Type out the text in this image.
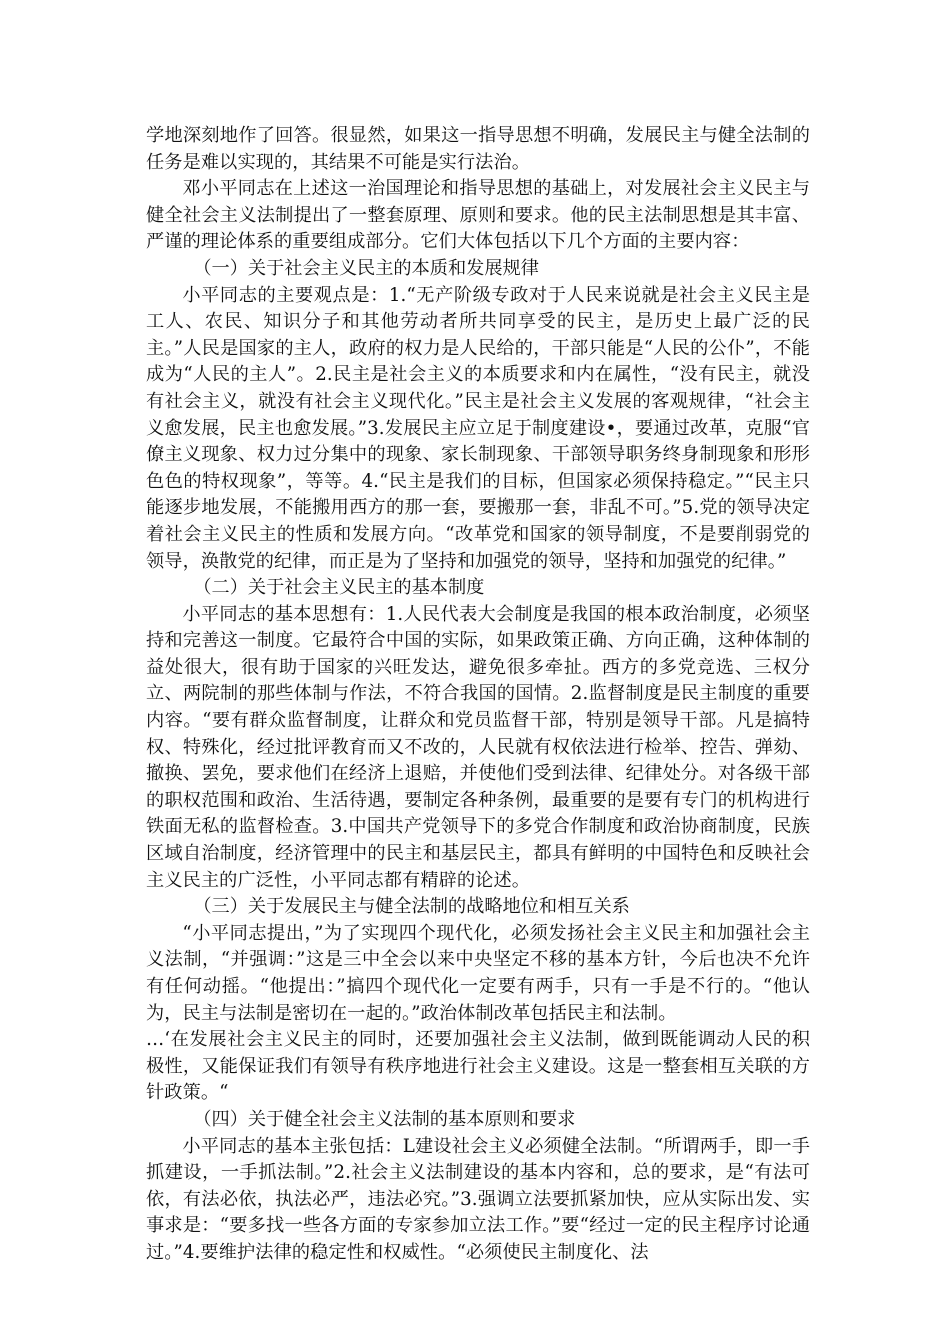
学地深刻地作了回答。很显然，如果这一指导思想不明确，发展民主与健全法制的任务是难以实现的，其结果不可能是实行法治。

邓小平同志在上述这一治国理论和指导思想的基础上，对发展社会主义民主与健全社会主义法制提出了一整套原理、原则和要求。他的民主法制思想是其丰富、严谨的理论体系的重要组成部分。它们大体包括以下几个方面的主要内容：

（一）关于社会主义民主的本质和发展规律

小平同志的主要观点是：1.“无产阶级专政对于人民来说就是社会主义民主是工人、农民、知识分子和其他劳动者所共同享受的民主，是历史上最广泛的民主。”人民是国家的主人，政府的权力是人民给的，干部只能是“人民的公仆”，不能成为“人民的主人”。2.民主是社会主义的本质要求和内在属性，“没有民主，就没有社会主义，就没有社会主义现代化。”民主是社会主义发展的客观规律，“社会主义愈发展，民主也愈发展。”3.发展民主应立足于制度建设•，要通过改革，克服“官僚主义现象、权力过分集中的现象、家长制现象、干部领导职务终身制现象和形形色色的特权现象”，等等。4.“民主是我们的目标，但国家必须保持稳定。”“民主只能逐步地发展，不能搬用西方的那一套，要搬那一套，非乱不可。”5.党的领导决定着社会主义民主的性质和发展方向。“改革党和国家的领导制度，不是要削弱党的领导，涣散党的纪律，而正是为了坚持和加强党的领导，坚持和加强党的纪律。”

（二）关于社会主义民主的基本制度

小平同志的基本思想有：1.人民代表大会制度是我国的根本政治制度，必须坚持和完善这一制度。它最符合中国的实际，如果政策正确、方向正确，这种体制的益处很大，很有助于国家的兴旺发达，避免很多牵扯。西方的多党竞选、三权分立、两院制的那些体制与作法，不符合我国的国情。2.监督制度是民主制度的重要内容。“要有群众监督制度，让群众和党员监督干部，特别是领导干部。凡是搞特权、特殊化，经过批评教育而又不改的，人民就有权依法进行检举、控告、弹劾、撤换、罢免，要求他们在经济上退赔，并使他们受到法律、纪律处分。对各级干部的职权范围和政治、生活待遇，要制定各种条例，最重要的是要有专门的机构进行铁面无私的监督检查。3.中国共产党领导下的多党合作制度和政治协商制度，民族区域自治制度，经济管理中的民主和基层民主，都具有鲜明的中国特色和反映社会主义民主的广泛性，小平同志都有精辟的论述。

（三）关于发展民主与健全法制的战略地位和相互关系

“小平同志提出，”为了实现四个现代化，必须发扬社会主义民主和加强社会主义法制，“并强调：”这是三中全会以来中央坚定不移的基本方针，今后也决不允许有任何动摇。“他提出：”搞四个现代化一定要有两手，只有一手是不行的。“他认为，民主与法制是密切在一起的。”政治体制改革包括民主和法制。

…‘在发展社会主义民主的同时，还要加强社会主义法制，做到既能调动人民的积极性，又能保证我们有领导有秩序地进行社会主义建设。这是一整套相互关联的方针政策。“

（四）关于健全社会主义法制的基本原则和要求

小平同志的基本主张包括：L建设社会主义必须健全法制。“所谓两手，即一手抓建设，一手抓法制。”2.社会主义法制建设的基本内容和，总的要求，是“有法可依，有法必依，执法必严，违法必究。”3.强调立法要抓紧加快，应从实际出发、实事求是：“要多找一些各方面的专家参加立法工作。”要“经过一定的民主程序讨论通过。”4.要维护法律的稳定性和权威性。“必须使民主制度化、法
